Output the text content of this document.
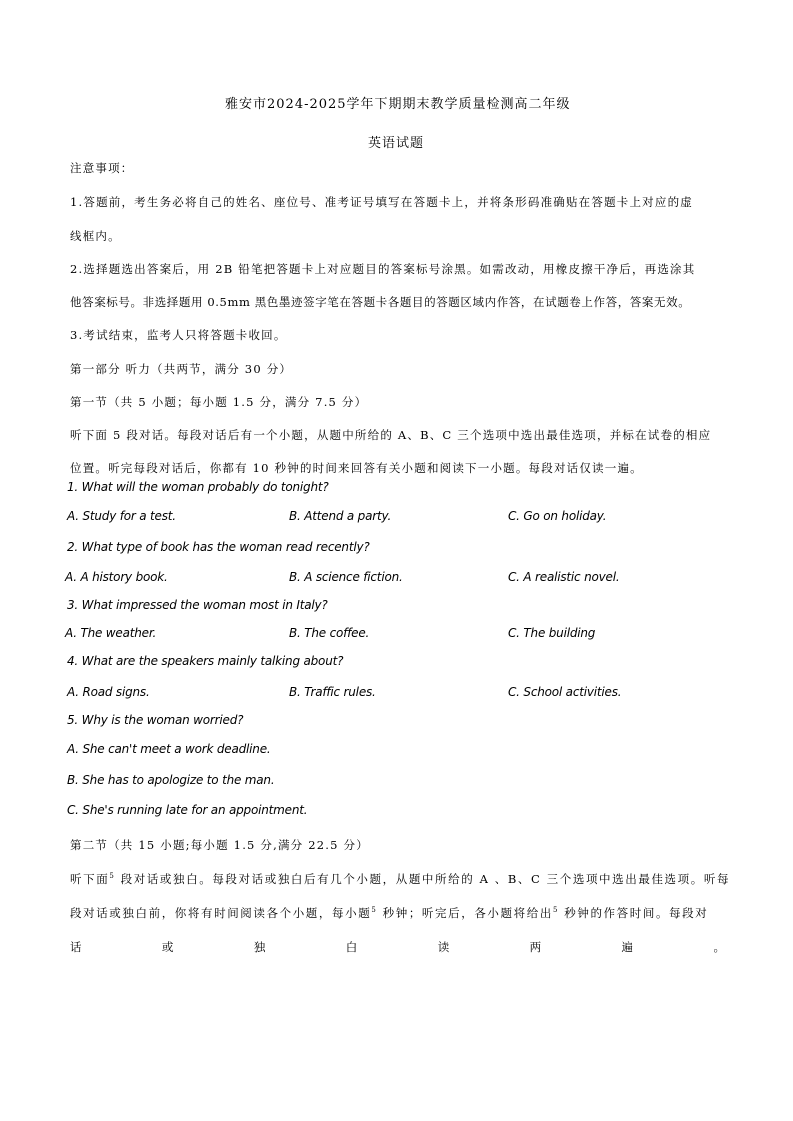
雅安市2024-2025学年下期期末教学质量检测高二年级
英语试题
注意事项：
1.答题前，考生务必将自己的姓名、座位号、准考证号填写在答题卡上，并将条形码准确贴在答题卡上对应的虚
线框内。
2.选择题选出答案后，用 2B 铅笔把答题卡上对应题目的答案标号涂黑。如需改动，用橡皮擦干净后，再选涂其
他答案标号。非选择题用 0.5mm 黑色墨迹签字笔在答题卡各题目的答题区域内作答，在试题卷上作答，答案无效。
3.考试结束，监考人只将答题卡收回。
第一部分 听力（共两节，满分 30 分）
第一节（共 5 小题；每小题 1.5 分，满分 7.5 分）
听下面 5 段对话。每段对话后有一个小题，从题中所给的 A、B、C 三个选项中选出最佳选项，并标在试卷的相应
位置。听完每段对话后，你都有 10 秒钟的时间来回答有关小题和阅读下一小题。每段对话仅读一遍。
1. What will the woman probably do tonight?
A. Study for a test.	B. Attend a party.	C. Go on holiday.
2. What type of book has the woman read recently?
A. A history book.	B. A science fiction.	C. A realistic novel.
3. What impressed the woman most in Italy?
A. The weather.	B. The coffee.	C. The building
4. What are the speakers mainly talking about?
A. Road signs.	B. Traffic rules.	C. School activities.
5. Why is the woman worried?
A. She can't meet a work deadline.
B. She has to apologize to the man.
C. She's running late for an appointment.
第二节（共 15 小题;每小题 1.5 分,满分 22.5 分）
听下面$^5$ 段对话或独白。每段对话或独白后有几个小题，从题中所给的 A 、B、C 三个选项中选出最佳选项。听每
段对话或独白前，你将有时间阅读各个小题，每小题$^5$ 秒钟；听完后，各小题将给出$^5$ 秒钟的作答时间。每段对
话	或	独	白	读	两	遍	。
